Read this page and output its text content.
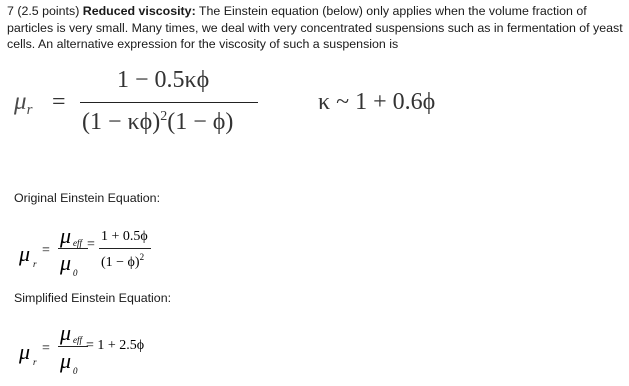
7 (2.5 points) Reduced viscosity: The Einstein equation (below) only applies when the volume fraction of particles is very small. Many times, we deal with very concentrated suspensions such as in fermentation of yeast cells. An alternative expression for the viscosity of such a suspension is
$\mu_r$ =
1 − 0.5κϕ
$(1 - \kappa\phi)^2(1 - \phi)$
κ ~ 1 + 0.6ϕ
Original Einstein Equation:
μ r
=
μ eff
μ 0
=
1 + 0.5ϕ
$(1 - \phi)^2$
Simplified Einstein Equation:
μ r
=
μ eff
μ 0
= 1 + 2.5ϕ
